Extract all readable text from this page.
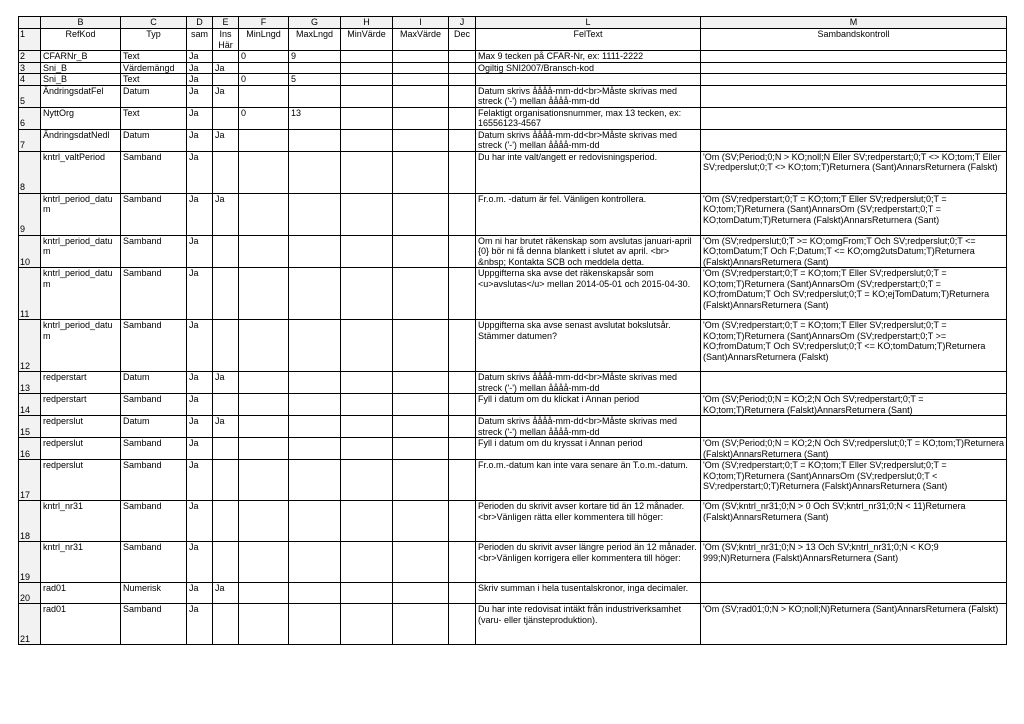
	B	C	D	E	F	G	H	I	J	L	M
1	RefKod	Typ	sam	Ins Här	MinLngd	MaxLngd	MinVärde	MaxVärde	Dec	FelText	Sambandskontroll
2	CFARNr_B	Text	Ja		0	9				Max 9 tecken på CFAR-Nr, ex: 1111-2222	
3	Sni_B	Värdemängd	Ja	Ja						Ogiltig SNI2007/Bransch-kod	
4	Sni_B	Text	Ja		0	5					
5	ÄndringsdatFel	Datum	Ja	Ja						Datum skrivs åååå-mm-dd<br>Måste skrivas med streck ('-') mellan åååå-mm-dd	
6	NyttOrg	Text	Ja		0	13				Felaktigt organisationsnummer, max 13 tecken, ex: 16556123-4567	
7	ÄndringsdatNedl	Datum	Ja	Ja						Datum skrivs åååå-mm-dd<br>Måste skrivas med streck ('-') mellan åååå-mm-dd	
8	kntrl_valtPeriod	Samband	Ja							Du har inte valt/angett er redovisningsperiod.	'Om (SV;Period;0;N > KO;noll;N Eller SV;redperstart;0;T <> KO;tom;T Eller SV;redperslut;0;T <> KO;tom;T)Returnera (Sant)AnnarsReturnera (Falskt)
9	kntrl_period_datum	Samband	Ja	Ja						Fr.o.m. -datum är fel. Vänligen kontrollera.	'Om (SV;redperstart;0;T = KO;tom;T Eller SV;redperslut;0;T = KO;tom;T)Returnera (Sant)AnnarsOm (SV;redperstart;0;T = KO;tomDatum;T)Returnera (Falskt)AnnarsReturnera (Sant)
10	kntrl_period_datum	Samband	Ja							Om ni har brutet räkenskap som avslutas januari-april {0} bör ni få denna blankett i slutet av april. <br> &nbsp; Kontakta SCB och meddela detta.	'Om (SV;redperslut;0;T >= KO;omgFrom;T Och SV;redperslut;0;T <= KO;tomDatum;T Och F;Datum;T <= KO;omg2utsDatum;T)Returnera (Falskt)AnnarsReturnera (Sant)
11	kntrl_period_datum	Samband	Ja							Uppgifterna ska avse det räkenskapsår som <u>avslutas</u> mellan 2014-05-01 och 2015-04-30.	'Om (SV;redperstart;0;T = KO;tom;T Eller SV;redperslut;0;T = KO;tom;T)Returnera (Sant)AnnarsOm (SV;redperstart;0;T = KO;fromDatum;T Och SV;redperslut;0;T = KO;ejTomDatum;T)Returnera (Falskt)AnnarsReturnera (Sant)
12	kntrl_period_datum	Samband	Ja							Uppgifterna ska avse senast avslutat bokslutsår. Stämmer datumen?	'Om (SV;redperstart;0;T = KO;tom;T Eller SV;redperslut;0;T = KO;tom;T)Returnera (Sant)AnnarsOm (SV;redperstart;0;T >= KO;fromDatum;T Och SV;redperslut;0;T <= KO;tomDatum;T)Returnera (Sant)AnnarsReturnera (Falskt)
13	redperstart	Datum	Ja	Ja						Datum skrivs åååå-mm-dd<br>Måste skrivas med streck ('-') mellan åååå-mm-dd	
14	redperstart	Samband	Ja							Fyll i datum om du klickat i Annan period	'Om (SV;Period;0;N = KO;2;N Och SV;redperstart;0;T = KO;tom;T)Returnera (Falskt)AnnarsReturnera (Sant)
15	redperslut	Datum	Ja	Ja						Datum skrivs åååå-mm-dd<br>Måste skrivas med streck ('-') mellan åååå-mm-dd	
16	redperslut	Samband	Ja							Fyll i datum om du kryssat i Annan period	'Om (SV;Period;0;N = KO;2;N Och SV;redperslut;0;T = KO;tom;T)Returnera (Falskt)AnnarsReturnera (Sant)
17	redperslut	Samband	Ja							Fr.o.m.-datum kan inte vara senare än T.o.m.-datum.	'Om (SV;redperstart;0;T = KO;tom;T Eller SV;redperslut;0;T = KO;tom;T)Returnera (Sant)AnnarsOm (SV;redperslut;0;T < SV;redperstart;0;T)Returnera (Falskt)AnnarsReturnera (Sant)
18	kntrl_nr31	Samband	Ja							Perioden du skrivit avser kortare tid än 12 månader. <br>Vänligen rätta eller kommentera till höger:	'Om (SV;kntrl_nr31;0;N > 0 Och SV;kntrl_nr31;0;N < 11)Returnera (Falskt)AnnarsReturnera (Sant)
19	kntrl_nr31	Samband	Ja							Perioden du skrivit avser längre period än 12 månader. <br>Vänligen korrigera eller kommentera till höger:	'Om (SV;kntrl_nr31;0;N > 13 Och SV;kntrl_nr31;0;N < KO;9 999;N)Returnera (Falskt)AnnarsReturnera (Sant)
20	rad01	Numerisk	Ja	Ja						Skriv summan i hela tusentalskronor, inga decimaler.	
21	rad01	Samband	Ja							Du har inte redovisat intäkt från industriverksamhet (varu- eller tjänsteproduktion).	'Om (SV;rad01;0;N > KO;noll;N)Returnera (Sant)AnnarsReturnera (Falskt)
